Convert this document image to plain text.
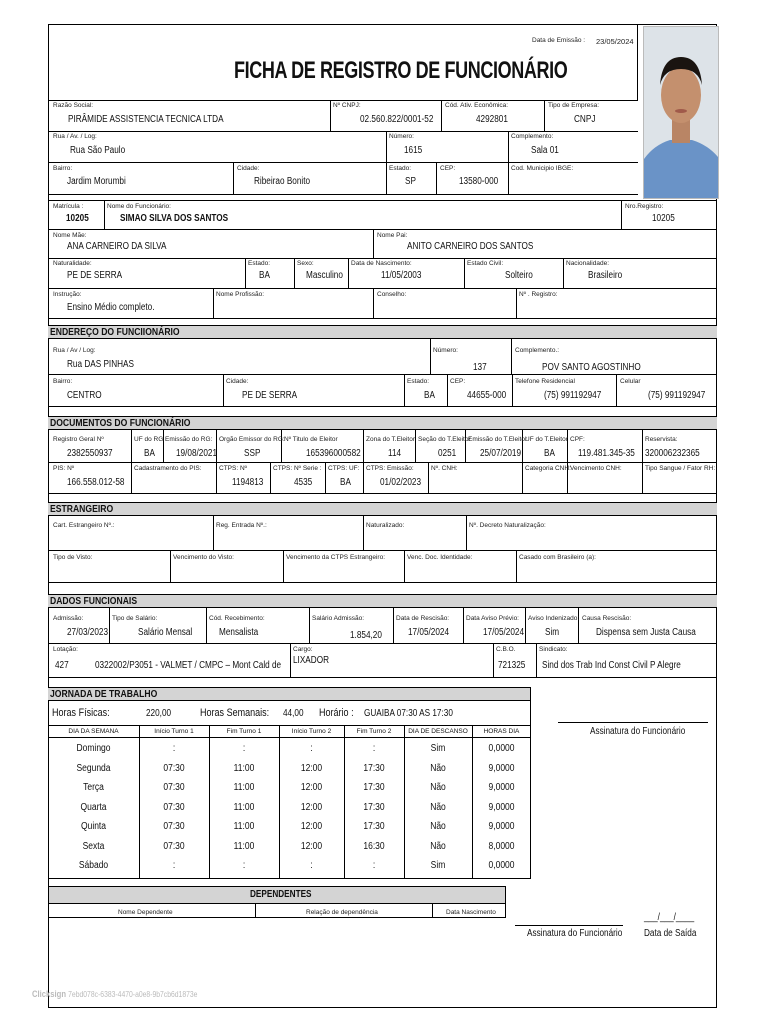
Data de Emissão : 23/05/2024
FICHA DE REGISTRO DE FUNCIONÁRIO
Razão Social:
PIRÂMIDE ASSISTENCIA TECNICA LTDA
Nº CNPJ:
02.560.822/0001-52
Cód. Ativ. Econômica:
4292801
Tipo de Empresa:
CNPJ
Rua / Av. / Log:
Rua São Paulo
Número:
1615
Complemento:
Sala 01
Bairro:
Jardim Morumbi
Cidade:
Ribeirao Bonito
Estado:
SP
CEP:
13580-000
Cod. Municipio IBGE:
Matrícula :
10205
Nome do Funcionário:
SIMAO SILVA DOS SANTOS
Nro.Registro:
10205
Nome Mãe:
ANA CARNEIRO DA SILVA
Nome Pai:
ANITO CARNEIRO DOS SANTOS
Naturalidade:
PE DE SERRA
Estado:
BA
Sexo:
Masculino
Data de Nascimento:
11/05/2003
Estado Civil:
Solteiro
Nacionalidade:
Brasileiro
Instrução:
Ensino Médio completo.
Nome Profissão:	Conselho:	Nº . Registro:
ENDEREÇO DO FUNCIIONÁRIO
Rua / Av / Log:
Rua DAS PINHAS
Número:
137
Complemento.:
POV SANTO AGOSTINHO
Bairro:
CENTRO
Cidade:
PE DE SERRA
Estado:
BA
CEP:
44655-000
Telefone Residencial
(75) 991192947
Celular
(75) 991192947
DOCUMENTOS DO FUNCIONÁRIO
Registro Geral Nº
2382550937
UF do RG
BA
Emissão do RG:
19/08/2021
Orgão Emissor do RG:
SSP
Nº Titulo de Eleitor
165396000582
Zona do T.Eleitor
114
Seção do T.Eleitor
0251
Emissão do T.Eleitor
25/07/2019
UF do T.Eleitor
BA
CPF:
119.481.345-35
Reservista:
320006232365
PIS: Nº
166.558.012-58
Cadastramento do PIS:	CTPS: Nº
1194813
CTPS: Nº Serie :
4535
CTPS: UF:
BA
CTPS: Emissão:
01/02/2023
Nº. CNH:	Categoria CNH: Vencimento CNH:	Tipo Sangue / Fator RH:
ESTRANGEIRO
Cart. Estrangeiro Nº.:	Reg. Entrada Nº.:	Naturalizado:	Nº. Decreto Naturalização:
Tipo de Visto:	Vencimento do Visto:	Vencimento da CTPS Estrangeiro:	Venc. Doc. Identidade:	Casado com Brasileiro (a):
DADOS FUNCIONAIS
Admissão:
27/03/2023
Tipo de Salário:
Salário Mensal
Cód. Recebimento:
Mensalista
Salário Admissão:
1.854,20
Data de Rescisão:
17/05/2024
Data Aviso Prévio:
17/05/2024
Aviso Indenizado:
Sim
Causa Rescisão:
Dispensa sem Justa Causa
Lotação:
427	0322002/P3051 - VALMET / CMPC – Mont Cald de
Cargo:
LIXADOR
C.B.O.
721325
Sindicato:
Sind dos Trab Ind Const Civil P Alegre
JORNADA DE TRABALHO
Horas Físicas:	220,00	Horas Semanais: 44,00 Horário : GUAIBA 07:30 AS 17:30
DIA DA SEMANA	Início Turno 1	Fim Turno 1	Início Turno 2	Fim Turno 2	DIA DE DESCANSO	HORAS DIA
Domingo	:	:	:	:	Sim	0,0000
Segunda	07:30	11:00	12:00	17:30	Não	9,0000
Terça	07:30	11:00	12:00	17:30	Não	9,0000
Quarta	07:30	11:00	12:00	17:30	Não	9,0000
Quinta	07:30	11:00	12:00	17:30	Não	9,0000
Sexta	07:30	11:00	12:00	16:30	Não	8,0000
Sábado	:	:	:	:	Sim	0,0000
Assinatura do Funcionário
DEPENDENTES
Nome Dependente	Relação de dependência	Data Nascimento
Assinatura do Funcionário
___/___/____
Data de Saída
Clicksign 7ebd078c-6383-4470-a0e8-9b7cb6d1873e
